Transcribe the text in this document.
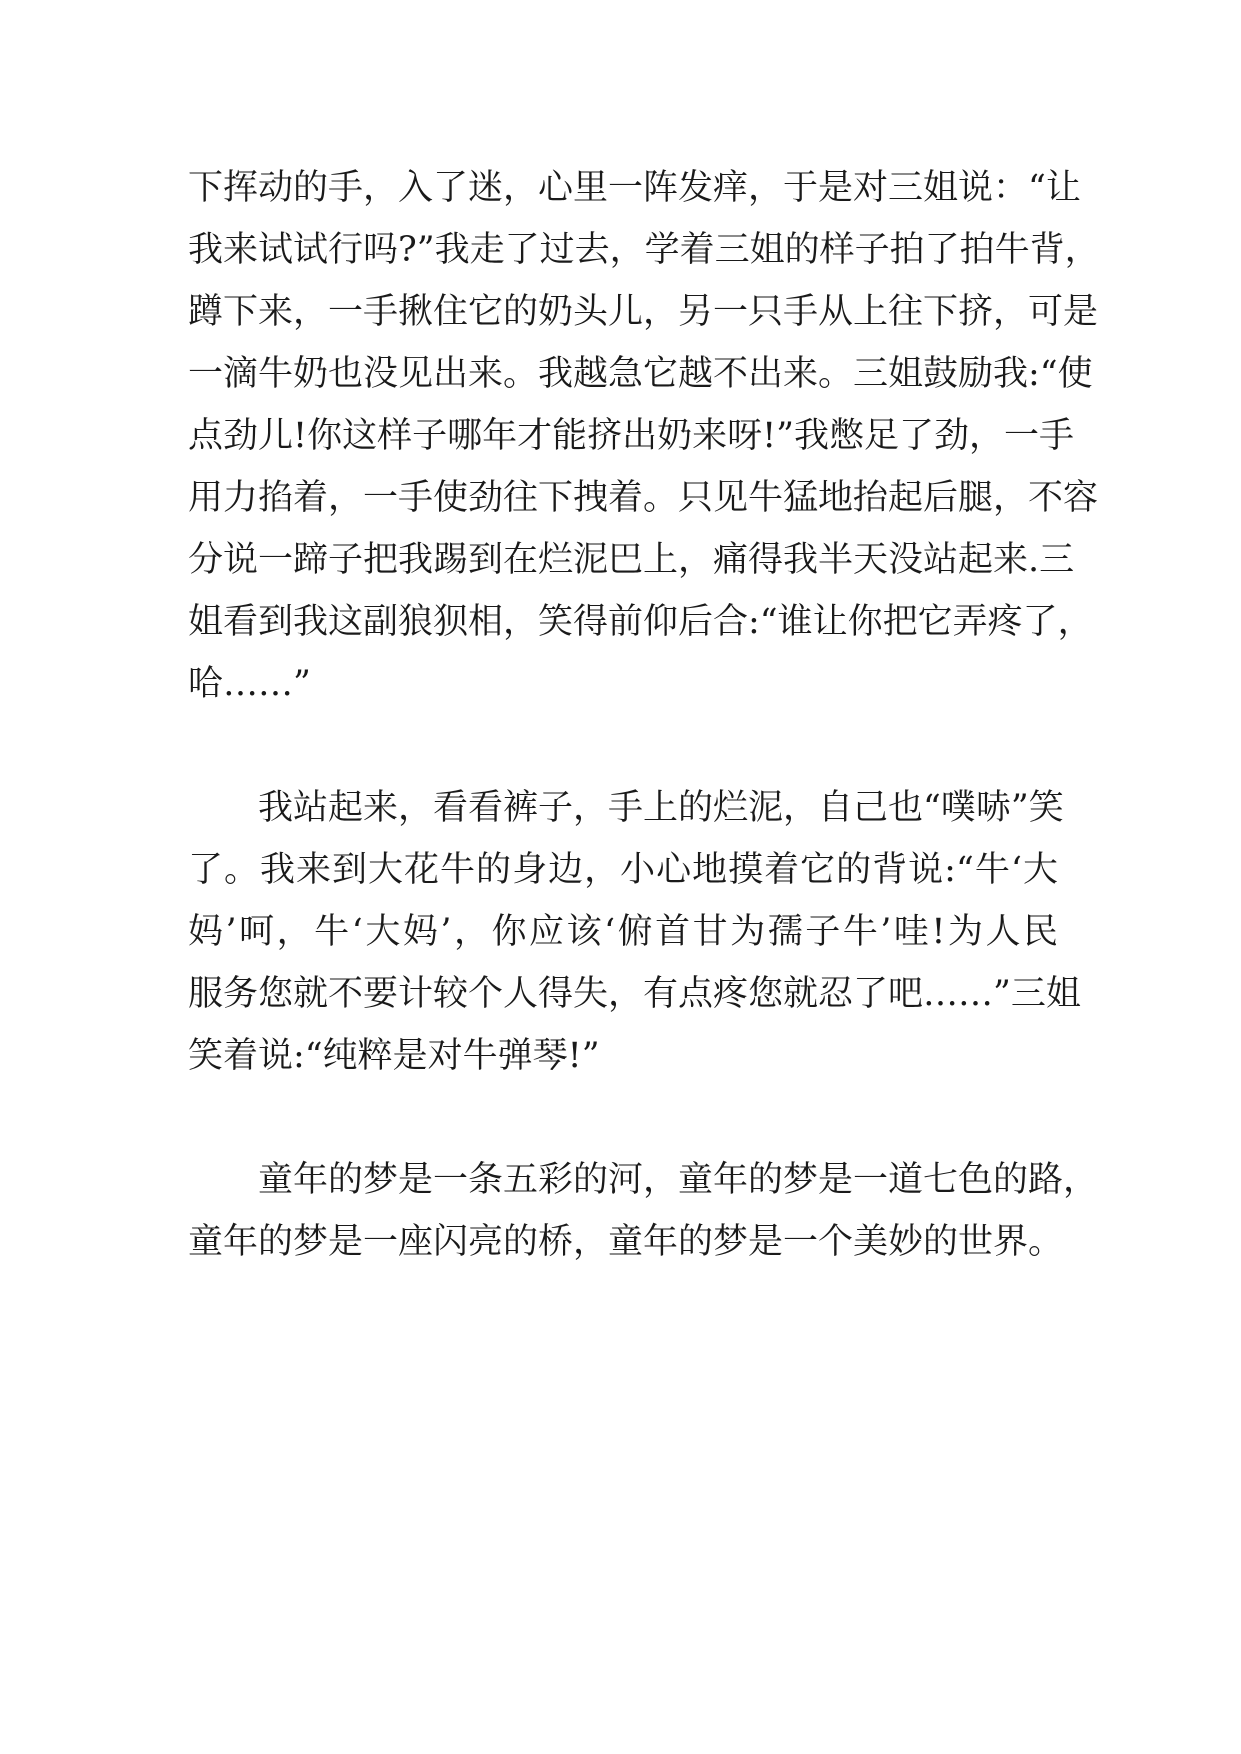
下挥动的手，入了迷，心里一阵发痒，于是对三姐说：“让
我来试试行吗?”我走了过去，学着三姐的样子拍了拍牛背，
蹲下来，一手揪住它的奶头儿，另一只手从上往下挤，可是
一滴牛奶也没见出来。我越急它越不出来。三姐鼓励我:“使
点劲儿!你这样子哪年才能挤出奶来呀!”我憋足了劲，一手
用力掐着，一手使劲往下拽着。只见牛猛地抬起后腿，不容
分说一蹄子把我踢到在烂泥巴上，痛得我半天没站起来.三
姐看到我这副狼狈相，笑得前仰后合:“谁让你把它弄疼了，
哈……”
我站起来，看看裤子，手上的烂泥，自己也“噗哧”笑
了。我来到大花牛的身边，小心地摸着它的背说:“牛‘大
妈’呵，牛‘大妈’，你应该‘俯首甘为孺子牛’哇!为人民
服务您就不要计较个人得失，有点疼您就忍了吧……”三姐
笑着说:“纯粹是对牛弹琴!”
童年的梦是一条五彩的河，童年的梦是一道七色的路，
童年的梦是一座闪亮的桥，童年的梦是一个美妙的世界。
